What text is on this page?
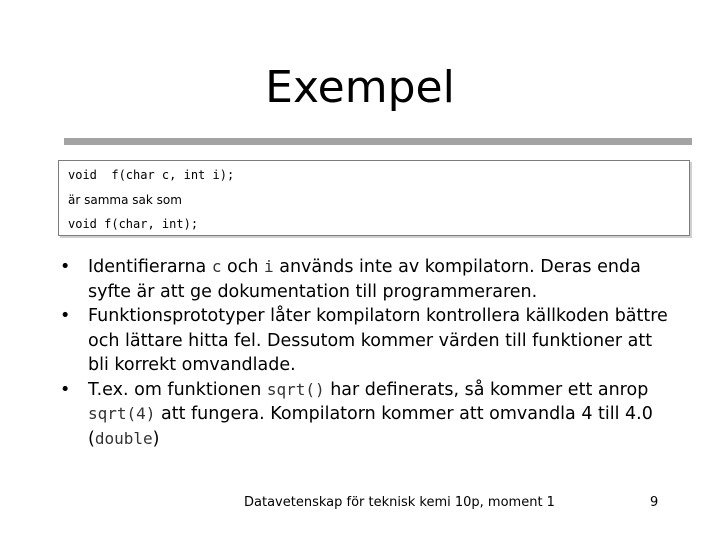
Exempel
void  f(char c, int i);
är samma sak som
void f(char, int);
• Identifierarna c och i används inte av kompilatorn. Deras enda syfte är att ge dokumentation till programmeraren.
• Funktionsprototyper låter kompilatorn kontrollera källkoden bättre och lättare hitta fel. Dessutom kommer värden till funktioner att bli korrekt omvandlade.
• T.ex. om funktionen sqrt() har definerats, så kommer ett anrop sqrt(4) att fungera. Kompilatorn kommer att omvandla 4 till 4.0 (double)
Datavetenskap för teknisk kemi 10p, moment 1	9
